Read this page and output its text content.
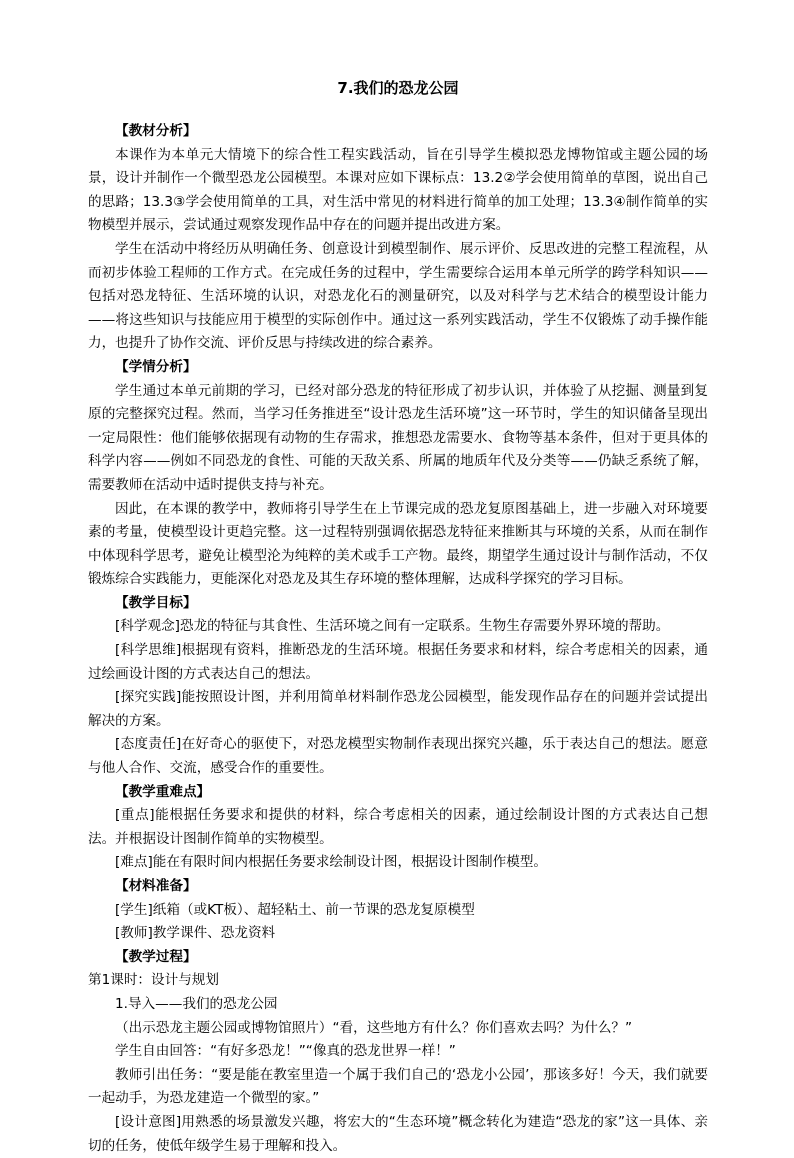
7.我们的恐龙公园
【教材分析】
本课作为本单元大情境下的综合性工程实践活动，旨在引导学生模拟恐龙博物馆或主题公园的场景，设计并制作一个微型恐龙公园模型。本课对应如下课标点：13.2②学会使用简单的草图，说出自己的思路；13.3③学会使用简单的工具，对生活中常见的材料进行简单的加工处理；13.3④制作简单的实物模型并展示，尝试通过观察发现作品中存在的问题并提出改进方案。
学生在活动中将经历从明确任务、创意设计到模型制作、展示评价、反思改进的完整工程流程，从而初步体验工程师的工作方式。在完成任务的过程中，学生需要综合运用本单元所学的跨学科知识——包括对恐龙特征、生活环境的认识，对恐龙化石的测量研究，以及对科学与艺术结合的模型设计能力——将这些知识与技能应用于模型的实际创作中。通过这一系列实践活动，学生不仅锻炼了动手操作能力，也提升了协作交流、评价反思与持续改进的综合素养。
【学情分析】
学生通过本单元前期的学习，已经对部分恐龙的特征形成了初步认识，并体验了从挖掘、测量到复原的完整探究过程。然而，当学习任务推进至“设计恐龙生活环境”这一环节时，学生的知识储备呈现出一定局限性：他们能够依据现有动物的生存需求，推想恐龙需要水、食物等基本条件，但对于更具体的科学内容——例如不同恐龙的食性、可能的天敌关系、所属的地质年代及分类等——仍缺乏系统了解，需要教师在活动中适时提供支持与补充。
因此，在本课的教学中，教师将引导学生在上节课完成的恐龙复原图基础上，进一步融入对环境要素的考量，使模型设计更趋完整。这一过程特别强调依据恐龙特征来推断其与环境的关系，从而在制作中体现科学思考，避免让模型沦为纯粹的美术或手工产物。最终，期望学生通过设计与制作活动，不仅锻炼综合实践能力，更能深化对恐龙及其生存环境的整体理解，达成科学探究的学习目标。
【教学目标】
[科学观念]恐龙的特征与其食性、生活环境之间有一定联系。生物生存需要外界环境的帮助。
[科学思维]根据现有资料，推断恐龙的生活环境。根据任务要求和材料，综合考虑相关的因素，通过绘画设计图的方式表达自己的想法。
[探究实践]能按照设计图，并利用简单材料制作恐龙公园模型，能发现作品存在的问题并尝试提出解决的方案。
[态度责任]在好奇心的驱使下，对恐龙模型实物制作表现出探究兴趣，乐于表达自己的想法。愿意与他人合作、交流，感受合作的重要性。
【教学重难点】
[重点]能根据任务要求和提供的材料，综合考虑相关的因素，通过绘制设计图的方式表达自己想法。并根据设计图制作简单的实物模型。
[难点]能在有限时间内根据任务要求绘制设计图，根据设计图制作模型。
【材料准备】
[学生]纸箱（或KT板）、超轻粘土、前一节课的恐龙复原模型
[教师]教学课件、恐龙资料
【教学过程】
第1课时：设计与规划
1.导入——我们的恐龙公园
（出示恐龙主题公园或博物馆照片）“看，这些地方有什么？你们喜欢去吗？为什么？”
学生自由回答：“有好多恐龙！”“像真的恐龙世界一样！”
教师引出任务：“要是能在教室里造一个属于我们自己的‘恐龙小公园’，那该多好！今天，我们就要一起动手，为恐龙建造一个微型的家。”
[设计意图]用熟悉的场景激发兴趣，将宏大的“生态环境”概念转化为建造“恐龙的家”这一具体、亲切的任务，使低年级学生易于理解和投入。
